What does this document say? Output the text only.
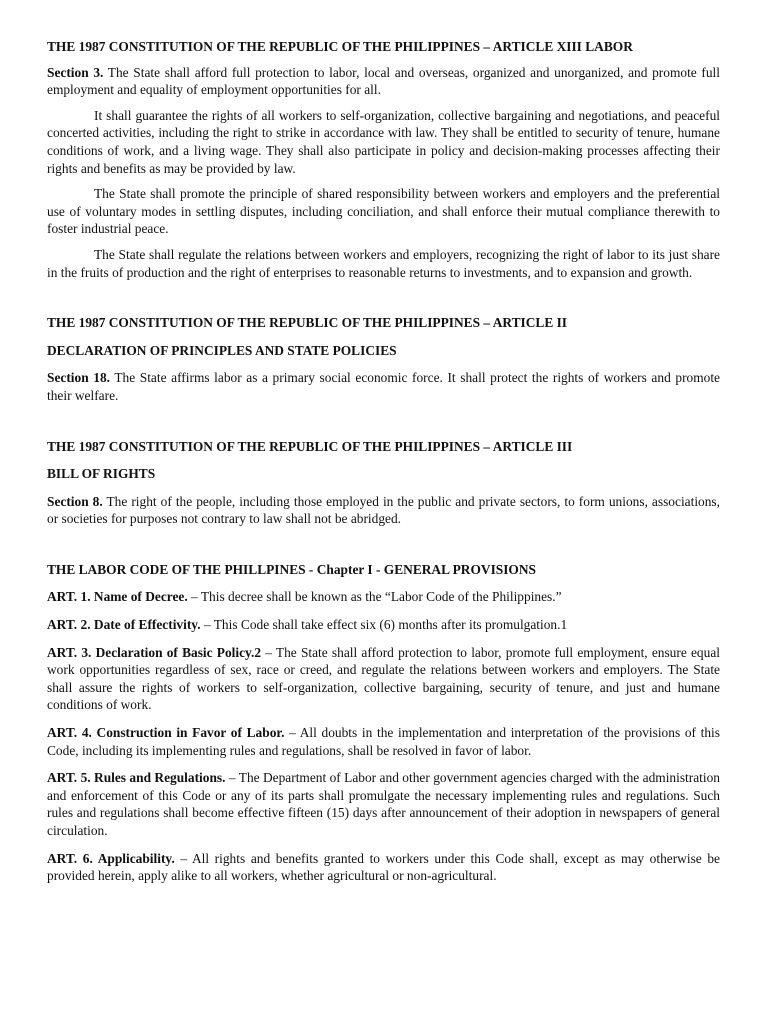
THE 1987 CONSTITUTION OF THE REPUBLIC OF THE PHILIPPINES – ARTICLE XIII LABOR

Section 3. The State shall afford full protection to labor, local and overseas, organized and unorganized, and promote full employment and equality of employment opportunities for all.

It shall guarantee the rights of all workers to self-organization, collective bargaining and negotiations, and peaceful concerted activities, including the right to strike in accordance with law. They shall be entitled to security of tenure, humane conditions of work, and a living wage. They shall also participate in policy and decision-making processes affecting their rights and benefits as may be provided by law.

The State shall promote the principle of shared responsibility between workers and employers and the preferential use of voluntary modes in settling disputes, including conciliation, and shall enforce their mutual compliance therewith to foster industrial peace.

The State shall regulate the relations between workers and employers, recognizing the right of labor to its just share in the fruits of production and the right of enterprises to reasonable returns to investments, and to expansion and growth.

THE 1987 CONSTITUTION OF THE REPUBLIC OF THE PHILIPPINES – ARTICLE II

DECLARATION OF PRINCIPLES AND STATE POLICIES

Section 18. The State affirms labor as a primary social economic force. It shall protect the rights of workers and promote their welfare.

THE 1987 CONSTITUTION OF THE REPUBLIC OF THE PHILIPPINES – ARTICLE III

BILL OF RIGHTS

Section 8. The right of the people, including those employed in the public and private sectors, to form unions, associations, or societies for purposes not contrary to law shall not be abridged.

THE LABOR CODE OF THE PHILLPINES - Chapter I - GENERAL PROVISIONS

ART. 1. Name of Decree. – This decree shall be known as the “Labor Code of the Philippines.”

ART. 2. Date of Effectivity. – This Code shall take effect six (6) months after its promulgation.1

ART. 3. Declaration of Basic Policy.2 – The State shall afford protection to labor, promote full employment, ensure equal work opportunities regardless of sex, race or creed, and regulate the relations between workers and employers. The State shall assure the rights of workers to self-organization, collective bargaining, security of tenure, and just and humane conditions of work.

ART. 4. Construction in Favor of Labor. – All doubts in the implementation and interpretation of the provisions of this Code, including its implementing rules and regulations, shall be resolved in favor of labor.

ART. 5. Rules and Regulations. – The Department of Labor and other government agencies charged with the administration and enforcement of this Code or any of its parts shall promulgate the necessary implementing rules and regulations. Such rules and regulations shall become effective fifteen (15) days after announcement of their adoption in newspapers of general circulation.

ART. 6. Applicability. – All rights and benefits granted to workers under this Code shall, except as may otherwise be provided herein, apply alike to all workers, whether agricultural or non-agricultural.
